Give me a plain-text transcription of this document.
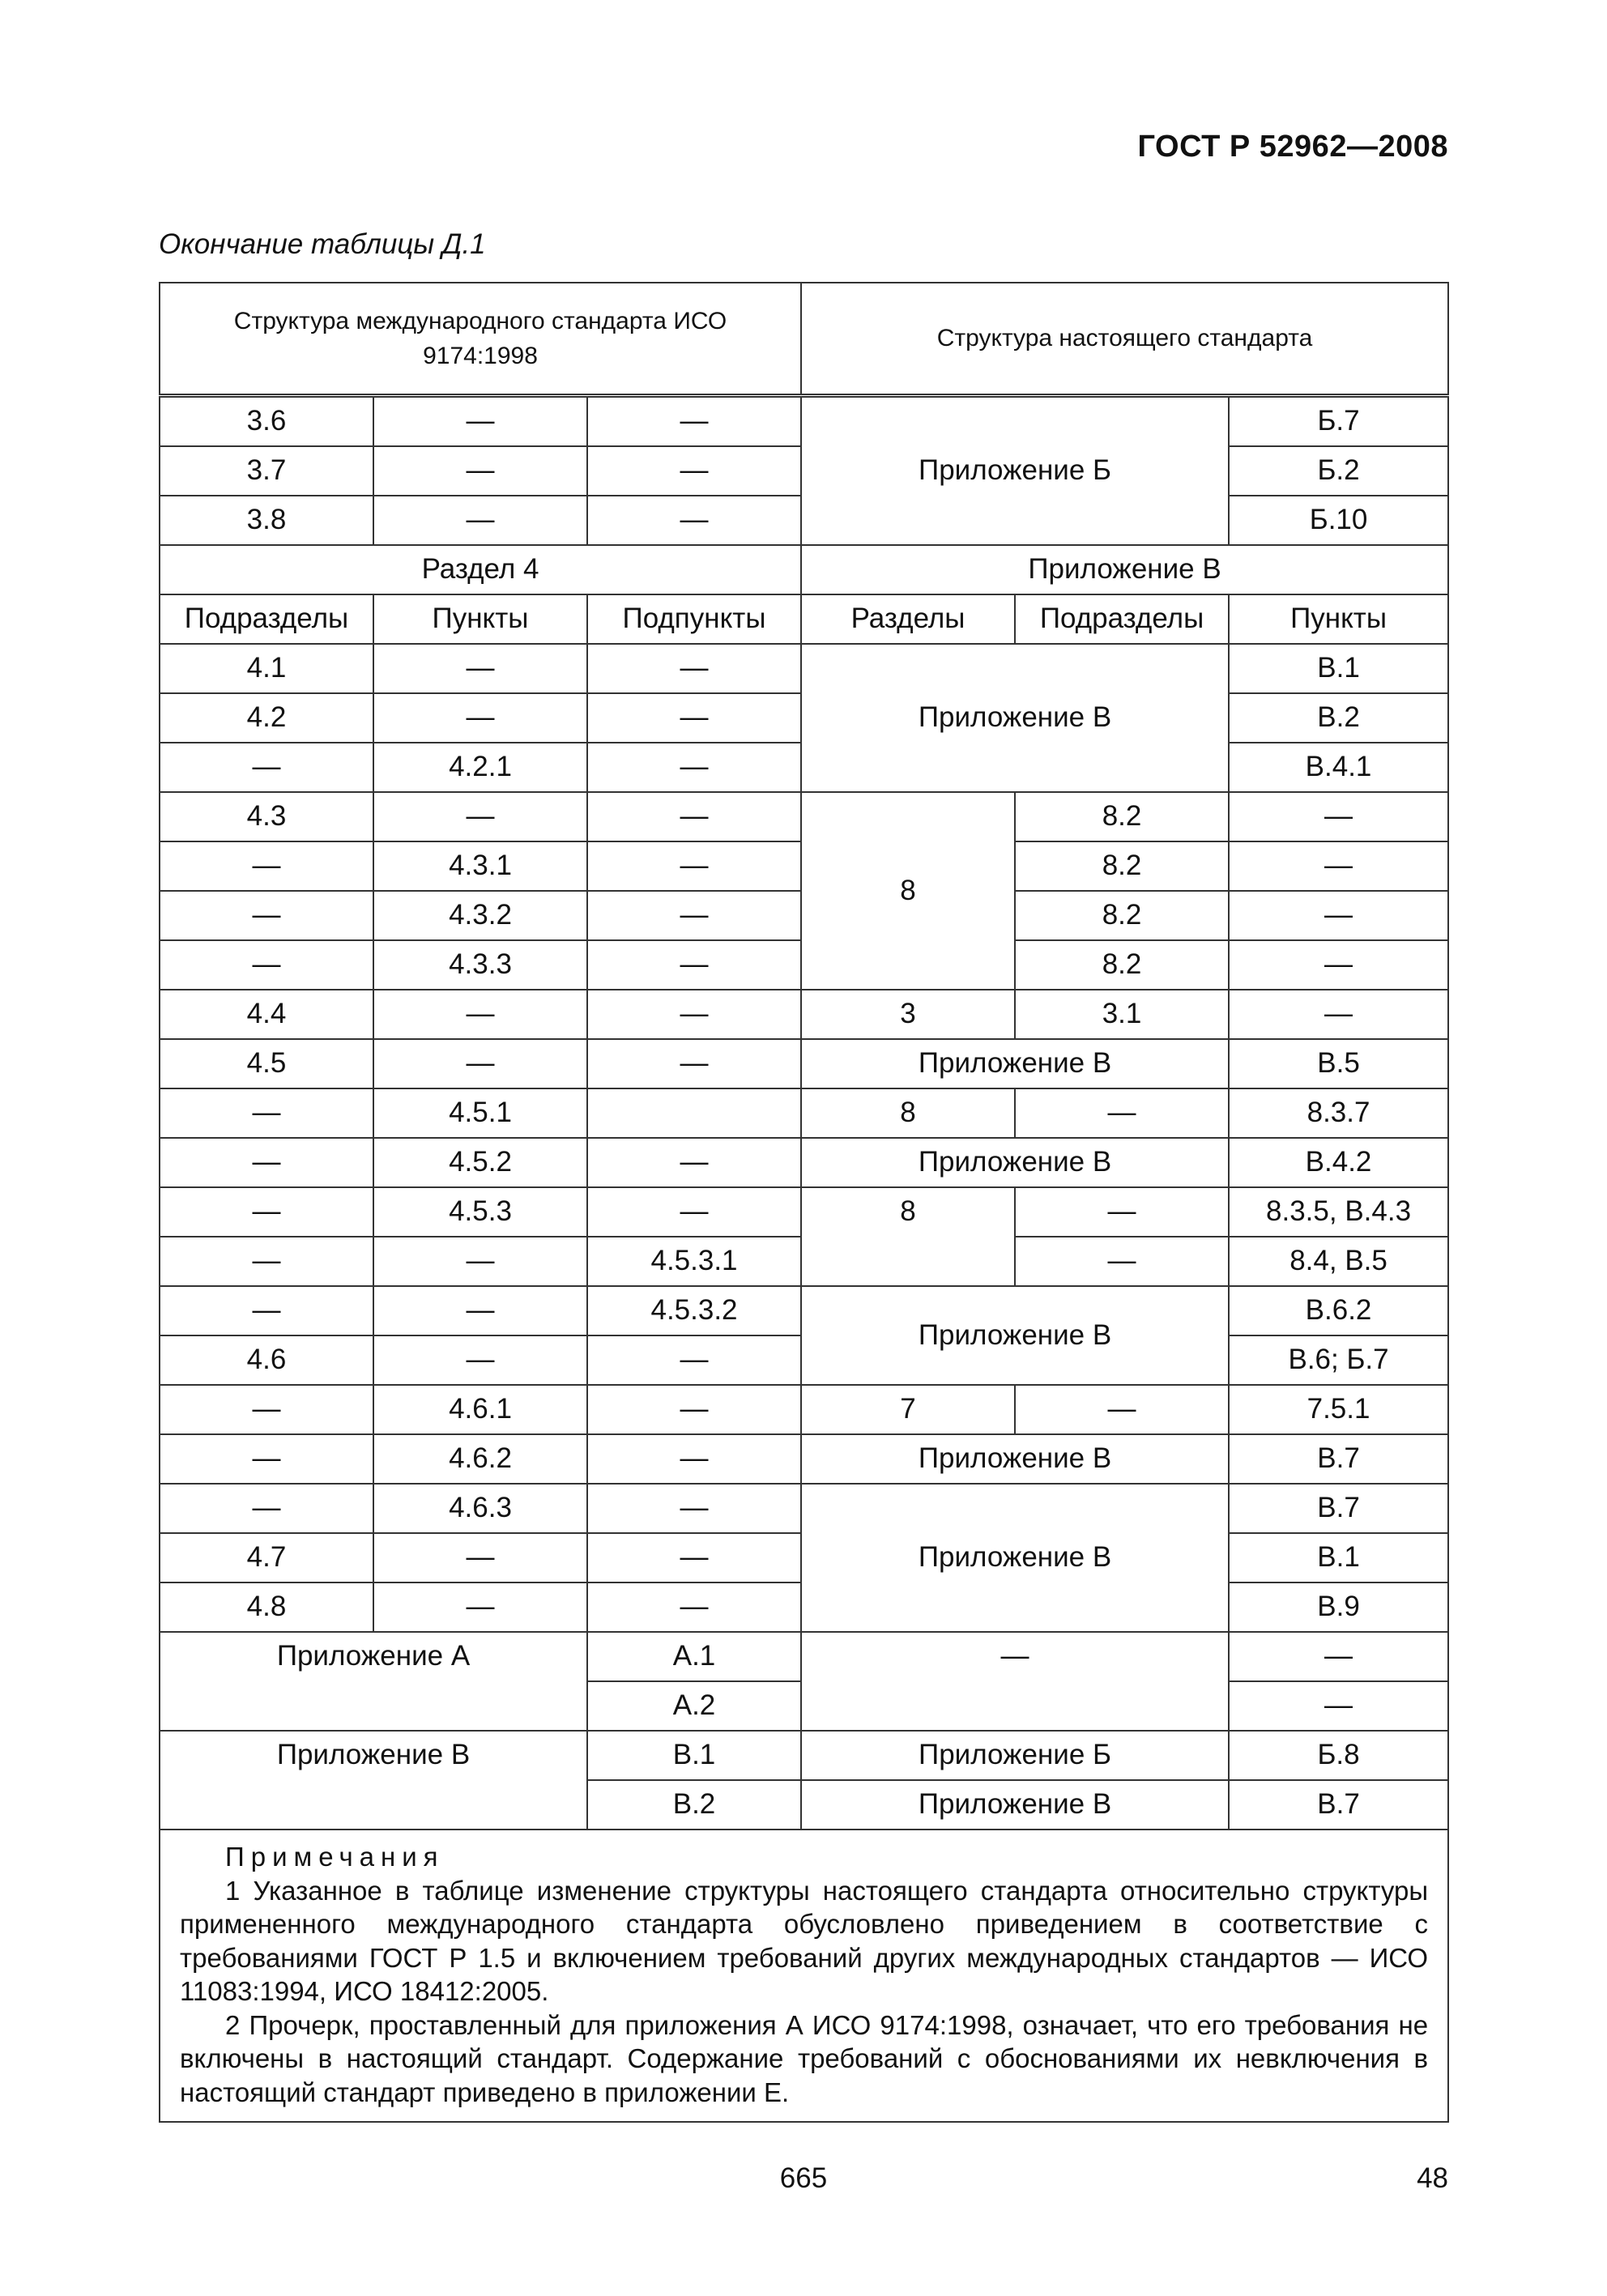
ГОСТ Р 52962—2008
Окончание таблицы Д.1
Структура международного стандарта ИСО 9174:1998			Структура настоящего стандарта		
3.6	—	—	Приложение Б		Б.7
3.7	—	—			Б.2
3.8	—	—			Б.10
Раздел 4			Приложение В		
Подразделы	Пункты	Подпункты	Разделы	Подразделы	Пункты
4.1	—	—	Приложение В		В.1
4.2	—	—			В.2
—	4.2.1	—			В.4.1
4.3	—	—	8	8.2	—
—	4.3.1	—		8.2	—
—	4.3.2	—		8.2	—
—	4.3.3	—		8.2	—
4.4	—	—	3	3.1	—
4.5	—	—	Приложение В		В.5
—	4.5.1		8	—	8.3.7
—	4.5.2	—	Приложение В		В.4.2
—	4.5.3	—	8	—	8.3.5, В.4.3
—	—	4.5.3.1		—	8.4, В.5
—	—	4.5.3.2	Приложение В		В.6.2
4.6	—	—			В.6; Б.7
—	4.6.1	—	7	—	7.5.1
—	4.6.2	—	Приложение В		В.7
—	4.6.3	—	Приложение В		В.7
4.7	—	—			В.1
4.8	—	—			В.9
Приложение А		А.1	—		—
		А.2			—
Приложение В		В.1	Приложение Б		Б.8
		В.2	Приложение В		В.7

Примечания
1 Указанное в таблице изменение структуры настоящего стандарта относительно структуры примененного международного стандарта обусловлено приведением в соответствие с требованиями ГОСТ Р 1.5 и включением требований других международных стандартов — ИСО 11083:1994, ИСО 18412:2005.
2 Прочерк, проставленный для приложения А ИСО 9174:1998, означает, что его требования не включены в настоящий стандарт. Содержание требований с обоснованиями их невключения в настоящий стандарт приведено в приложении Е.					
665	48
